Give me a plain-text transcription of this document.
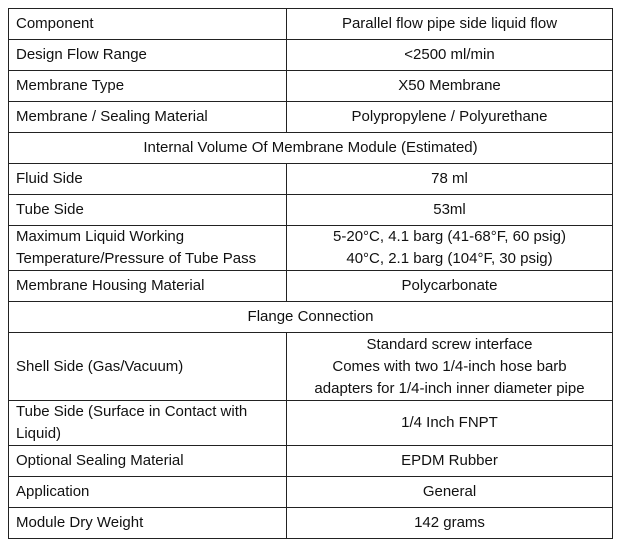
Component	Parallel flow pipe side liquid flow
Design Flow Range	<2500 ml/min
Membrane Type	X50 Membrane
Membrane / Sealing Material	Polypropylene / Polyurethane
Internal Volume Of Membrane Module (Estimated)	
Fluid Side	78 ml
Tube Side	53ml

Maximum Liquid Working
Temperature/Pressure of Tube Pass	5-20°C, 4.1 barg (41-68°F, 60 psig)
40°C, 2.1 barg (104°F, 30 psig)

Membrane Housing Material	Polycarbonate
Flange Connection	
Shell Side (Gas/Vacuum)	Standard screw interface
Comes with two 1/4-inch hose barb
adapters for 1/4-inch inner diameter pipe

Tube Side (Surface in Contact with
Liquid)	1/4 Inch FNPT
Optional Sealing Material	EPDM Rubber
Application	General
Module Dry Weight	142 grams
